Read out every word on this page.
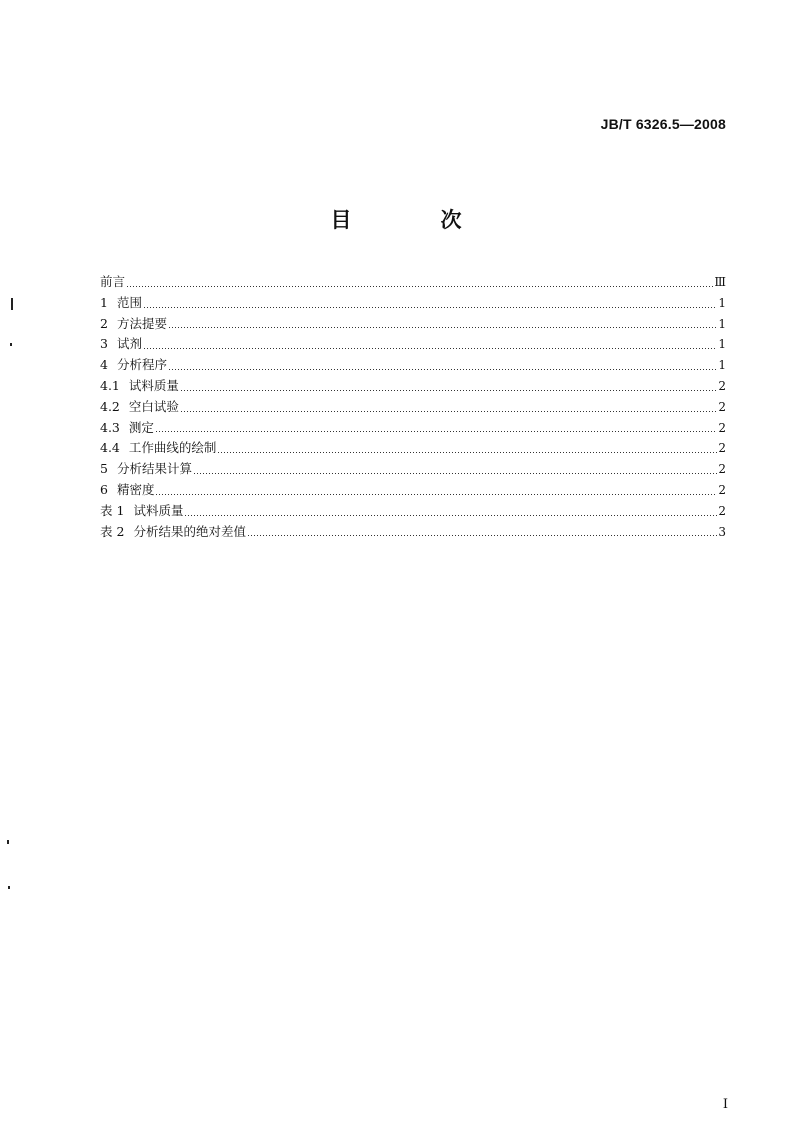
JB/T 6326.5—2008
目　次
前言	Ⅲ
1 范围	1
2 方法提要	1
3 试剂	1
4 分析程序	1
4.1 试料质量	2
4.2 空白试验	2
4.3 测定	2
4.4 工作曲线的绘制	2
5 分析结果计算	2
6 精密度	2
表 1 试料质量	2
表 2 分析结果的绝对差值	3
I
